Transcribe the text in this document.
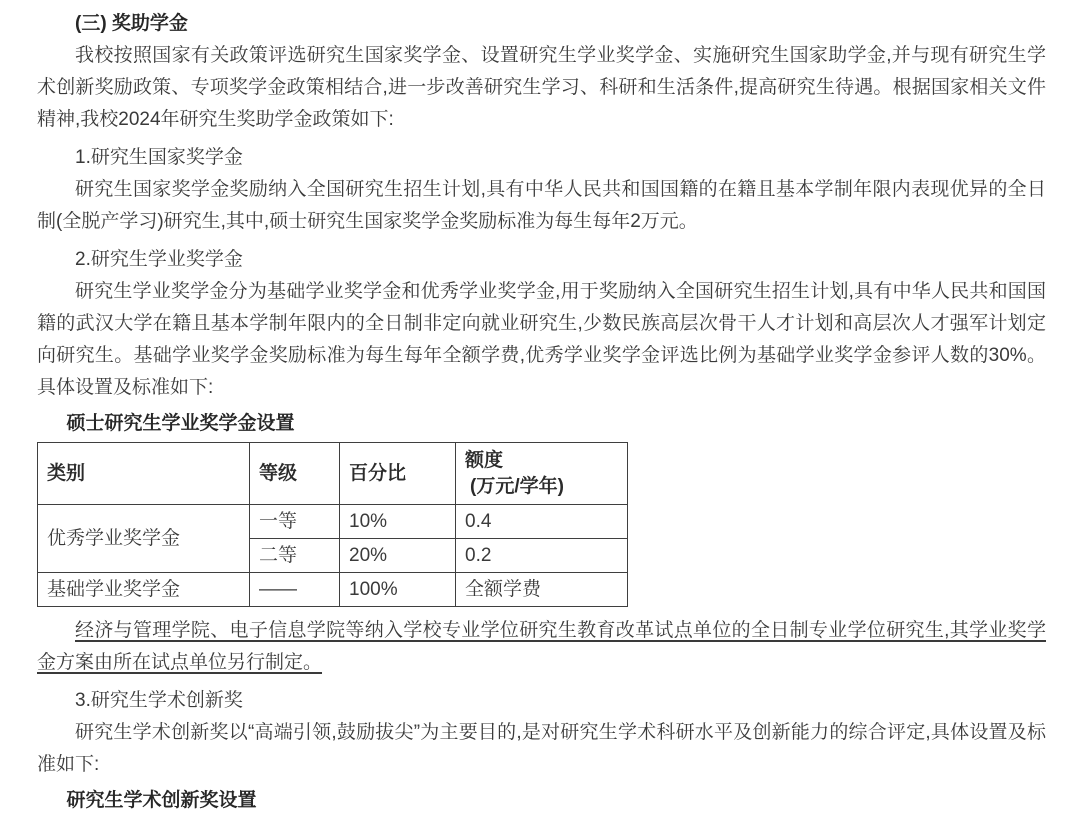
(三) 奖助学金

我校按照国家有关政策评选研究生国家奖学金、设置研究生学业奖学金、实施研究生国家助学金,并与现有研究生学术创新奖励政策、专项奖学金政策相结合,进一步改善研究生学习、科研和生活条件,提高研究生待遇。根据国家相关文件精神,我校2024年研究生奖助学金政策如下:

1.研究生国家奖学金

研究生国家奖学金奖励纳入全国研究生招生计划,具有中华人民共和国国籍的在籍且基本学制年限内表现优异的全日制(全脱产学习)研究生,其中,硕士研究生国家奖学金奖励标准为每生每年2万元。

2.研究生学业奖学金

研究生学业奖学金分为基础学业奖学金和优秀学业奖学金,用于奖励纳入全国研究生招生计划,具有中华人民共和国国籍的武汉大学在籍且基本学制年限内的全日制非定向就业研究生,少数民族高层次骨干人才计划和高层次人才强军计划定向研究生。基础学业奖学金奖励标准为每生每年全额学费,优秀学业奖学金评选比例为基础学业奖学金参评人数的30%。具体设置及标准如下:

硕士研究生学业奖学金设置

类别	等级	百分比	额度
(万元/学年)

优秀学业奖学金	一等	10%	0.4
	二等	20%	0.2
基础学业奖学金	——	100%	全额学费

经济与管理学院、电子信息学院等纳入学校专业学位研究生教育改革试点单位的全日制专业学位研究生,其学业奖学金方案由所在试点单位另行制定。

3.研究生学术创新奖

研究生学术创新奖以“高端引领,鼓励拔尖”为主要目的,是对研究生学术科研水平及创新能力的综合评定,具体设置及标准如下:

研究生学术创新奖设置
